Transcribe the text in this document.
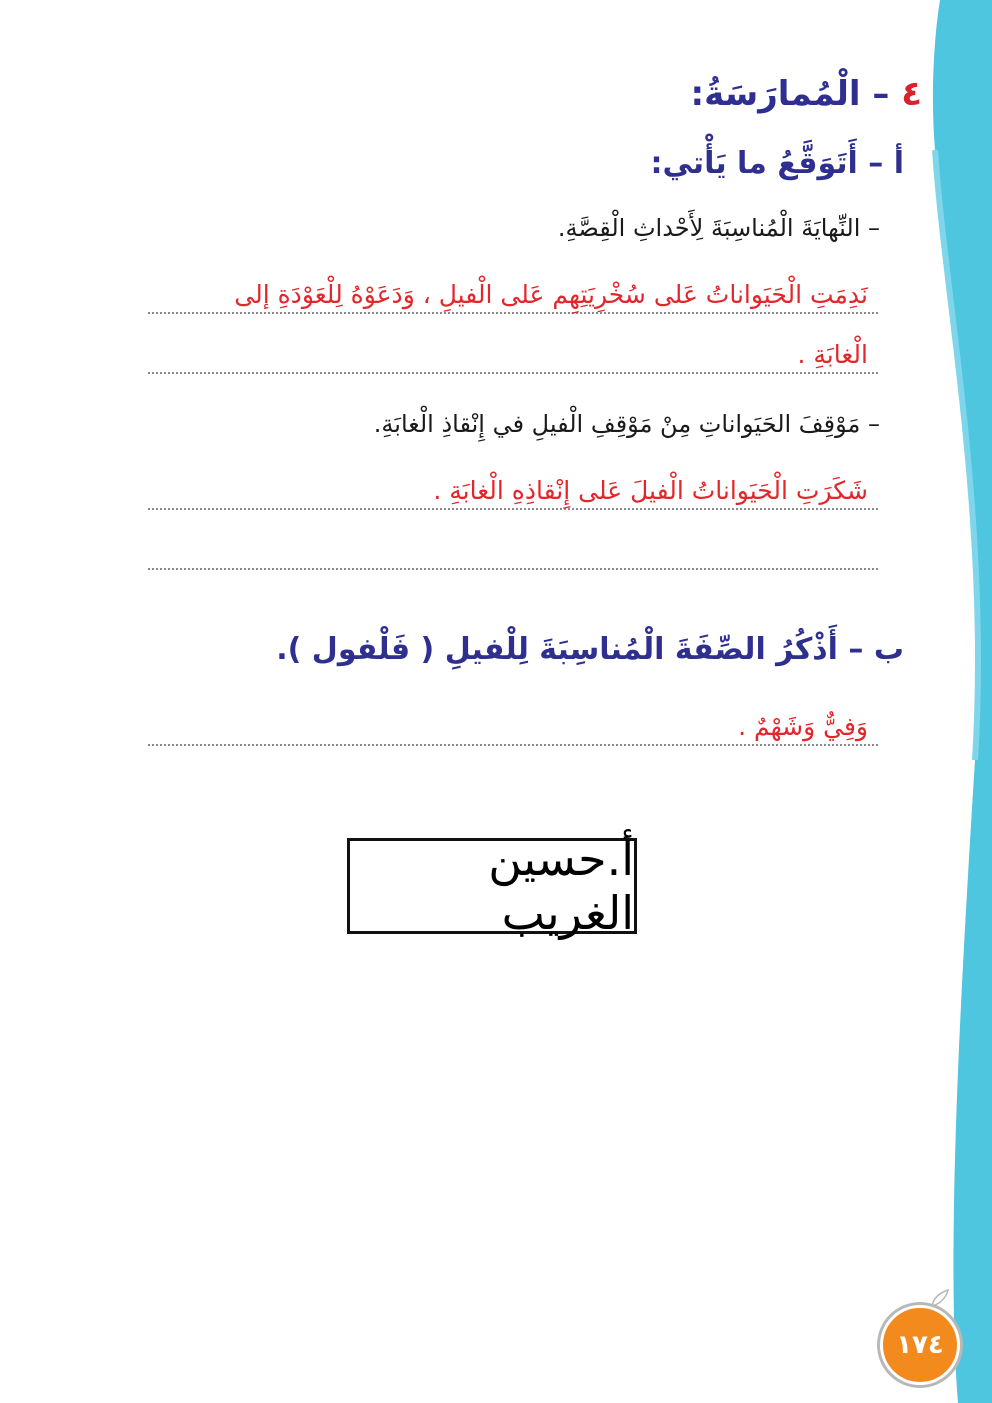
٤ – الْمُمارَسَةُ:
أ – أَتَوَقَّعُ ما يَأْتي:
– النِّهايَةَ الْمُناسِبَةَ لِأَحْداثِ الْقِصَّةِ.
نَدِمَتِ الْحَيَواناتُ عَلى سُخْرِيَتِهِم عَلى الْفيلِ ، وَدَعَوْهُ لِلْعَوْدَةِ إلى
الْغابَةِ .
– مَوْقِفَ الحَيَواناتِ مِنْ مَوْقِفِ الْفيلِ في إِنْقاذِ الْغابَةِ.
شَكَرَتِ الْحَيَواناتُ الْفيلَ عَلى إِنْقاذِهِ الْغابَةِ .
ب – أَذْكُرُ الصِّفَةَ الْمُناسِبَةَ لِلْفيلِ ( فَلْفول ).
وَفِيٌّ وَشَهْمٌ .
أ.حسين الغريب
١٧٤
